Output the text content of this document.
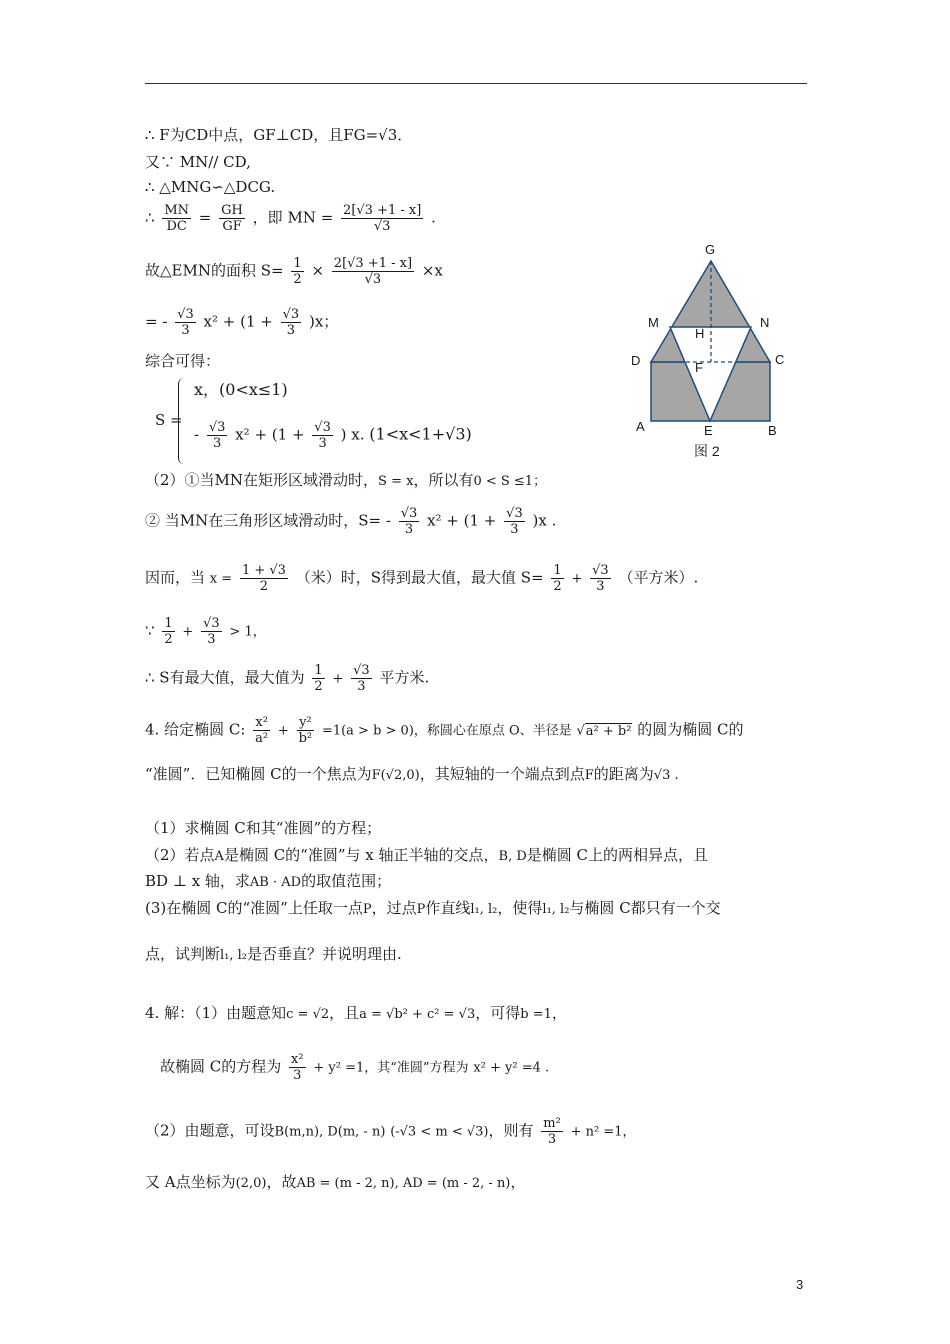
∴ F为CD中点，GF⊥CD，且FG=√3．
又∵ MN// CD,
∴ △MNG∽△DCG.
∴ $\frac{MN}{DC} = \frac{GH}{GF}$ ，即 MN = $\frac{2[√3 +1 - x]}{√3}$ .
故△EMN的面积 $S= \frac{1}{2} \times \frac{2[√3 +1 - x]}{√3} \times x$
= - $\frac{√3}{3} x^2 + (1 + \frac{√3}{3} )x$；
综合可得：
S =
x，(0<x≤1)
- $\frac{√3}{3} x^2 + (1 + \frac{√3}{3}$ ) x. (1<x<1+√3)
（2）①当MN在矩形区域滑动时，S = x，所以有0 < S ≤1；
② 当MN在三角形区域滑动时，$S= - \frac{√3}{3} x^2 + (1 + \frac{√3}{3} )x$ .
因而，当 $x = \frac{1 + √3}{2}$ （米）时，S得到最大值，最大值 $S= \frac{1}{2} + \frac{√3}{3}$ （平方米）.
∵ $\frac{1}{2} + \frac{√3}{3} > 1$，
∴ S有最大值，最大值为 $\frac{1}{2} + \frac{√3}{3}$ 平方米.
4. 给定椭圆 C: $\frac{\text{x²}}{\text{a²}} + \frac{\text{y²}}{\text{b²}} =1(a > b > 0)$，称圆心在原点 O、半径是 √a² + b² 的圆为椭圆 C的
“准圆”．已知椭圆 C的一个焦点为F(√2,0)，其短轴的一个端点到点F的距离为√3 .
（1）求椭圆 C和其“准圆”的方程；
（2）若点A是椭圆 C的“准圆”与 x 轴正半轴的交点，B, D是椭圆 C上的两相异点，且
BD ⊥ x 轴，求AB · AD的取值范围；
(3)在椭圆 C的“准圆”上任取一点P，过点P作直线l₁, l₂，使得l₁, l₂与椭圆 C都只有一个交
点，试判断l₁, l₂是否垂直？并说明理由.
4. 解：（1）由题意知c = √2，且a = √b² + c² = √3，可得b =1，
故椭圆 C的方程为 $\frac{\text{x²}}{3} + y^2 =1$，其“准圆”方程为 x² + y² =4 .
（2）由题意，可设B(m,n), D(m, - n) (-√3 < m < √3)，则有 $\frac{\text{m²}}{3} + n^2 =1$，
又 A点坐标为(2,0)，故AB = (m - 2, n), AD = (m - 2, - n)，
G
M	N
H
D	C
F
A	E	B
图 2
3
